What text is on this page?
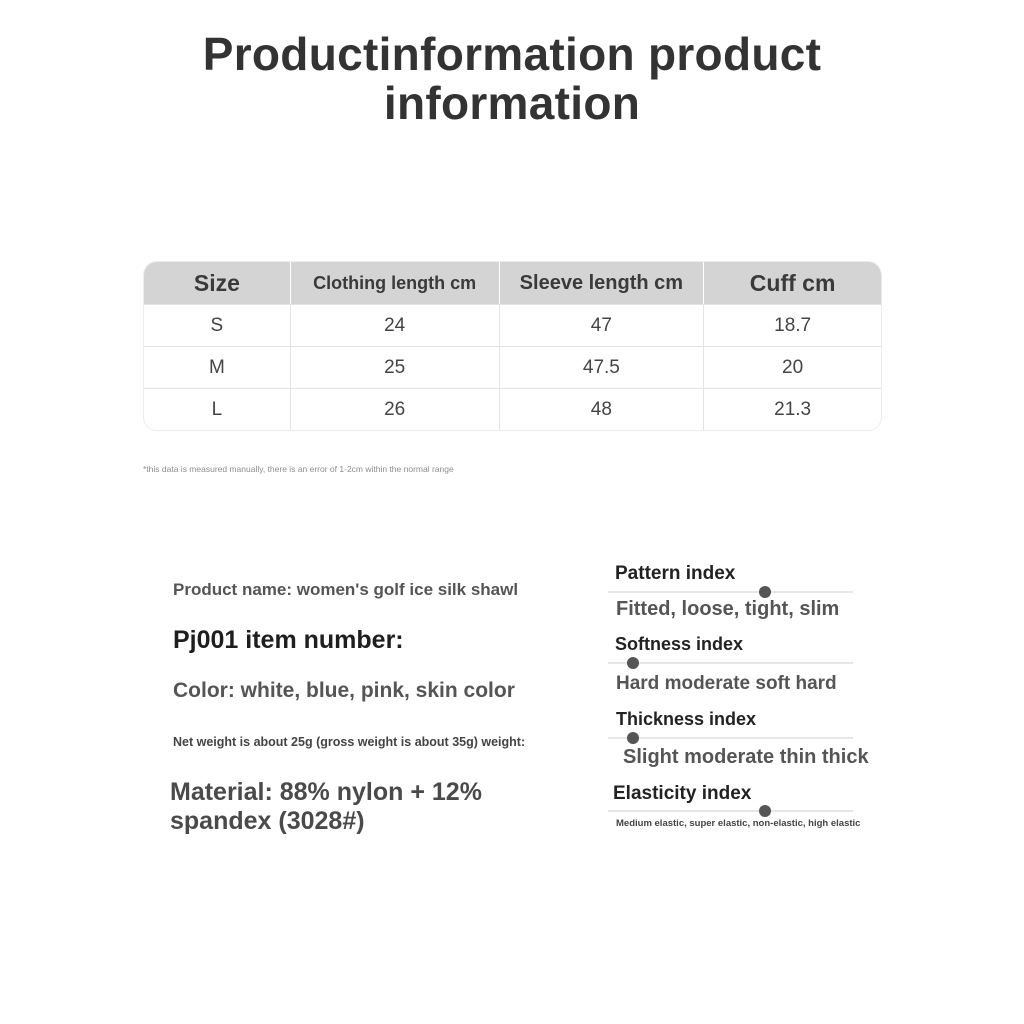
Productinformation product
information
Size	Clothing length cm	Sleeve length cm	Cuff cm
S	24	47	18.7
M	25	47.5	20
L	26	48	21.3
*this data is measured manually, there is an error of 1-2cm within the normal range
Product name: women's golf ice silk shawl
Pj001 item number:
Color: white, blue, pink, skin color
Net weight is about 25g (gross weight is about 35g) weight:
Material: 88% nylon + 12%
spandex (3028#)
Pattern index
Fitted, loose, tight, slim
Softness index
Hard moderate soft hard
Thickness index
Slight moderate thin thick
Elasticity index
Medium elastic, super elastic, non-elastic, high elastic
